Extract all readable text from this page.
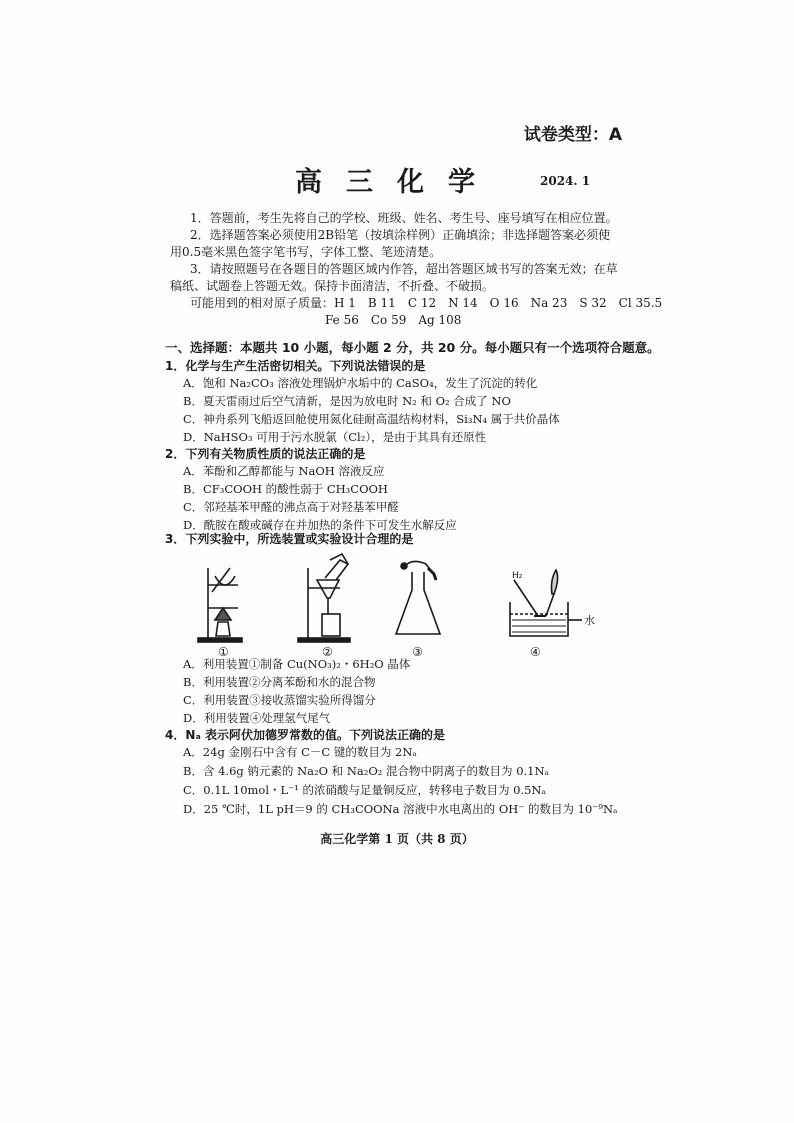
试卷类型：A
高三化学	2024. 1
1．答题前，考生先将自己的学校、班级、姓名、考生号、座号填写在相应位置。
2．选择题答案必须使用2B铅笔（按填涂样例）正确填涂；非选择题答案必须使
用0.5毫米黑色签字笔书写，字体工整、笔迹清楚。
3．请按照题号在各题目的答题区域内作答，超出答题区域书写的答案无效；在草
稿纸、试题卷上答题无效。保持卡面清洁，不折叠、不破损。
可能用到的相对原子质量：H 1　B 11　C 12　N 14　O 16　Na 23　S 32　Cl 35.5
Fe 56　Co 59　Ag 108
一、选择题：本题共 10 小题，每小题 2 分，共 20 分。每小题只有一个选项符合题意。
1．化学与生产生活密切相关。下列说法错误的是
A．饱和 Na₂CO₃ 溶液处理锅炉水垢中的 CaSO₄，发生了沉淀的转化
B．夏天雷雨过后空气清新，是因为放电时 N₂ 和 O₂ 合成了 NO
C．神舟系列飞船返回舱使用氮化硅耐高温结构材料，Si₃N₄ 属于共价晶体
D．NaHSO₃ 可用于污水脱氯（Cl₂），是由于其具有还原性
2．下列有关物质性质的说法正确的是
A．苯酚和乙醇都能与 NaOH 溶液反应
B．CF₃COOH 的酸性弱于 CH₃COOH
C．邻羟基苯甲醛的沸点高于对羟基苯甲醛
D．酰胺在酸或碱存在并加热的条件下可发生水解反应
3．下列实验中，所选装置或实验设计合理的是
H₂
水
①	②	③	④
A．利用装置①制备 Cu(NO₃)₂・6H₂O 晶体
B．利用装置②分离苯酚和水的混合物
C．利用装置③接收蒸馏实验所得馏分
D．利用装置④处理氢气尾气
4．Nₐ 表示阿伏加德罗常数的值。下列说法正确的是
A．24g 金刚石中含有 C－C 键的数目为 2Nₐ
B．含 4.6g 钠元素的 Na₂O 和 Na₂O₂ 混合物中阴离子的数目为 0.1Nₐ
C．0.1L 10mol・L⁻¹ 的浓硝酸与足量铜反应，转移电子数目为 0.5Nₐ
D．25 ℃时，1L pH＝9 的 CH₃COONa 溶液中水电离出的 OH⁻ 的数目为 10⁻⁹Nₐ
高三化学第 1 页（共 8 页）
